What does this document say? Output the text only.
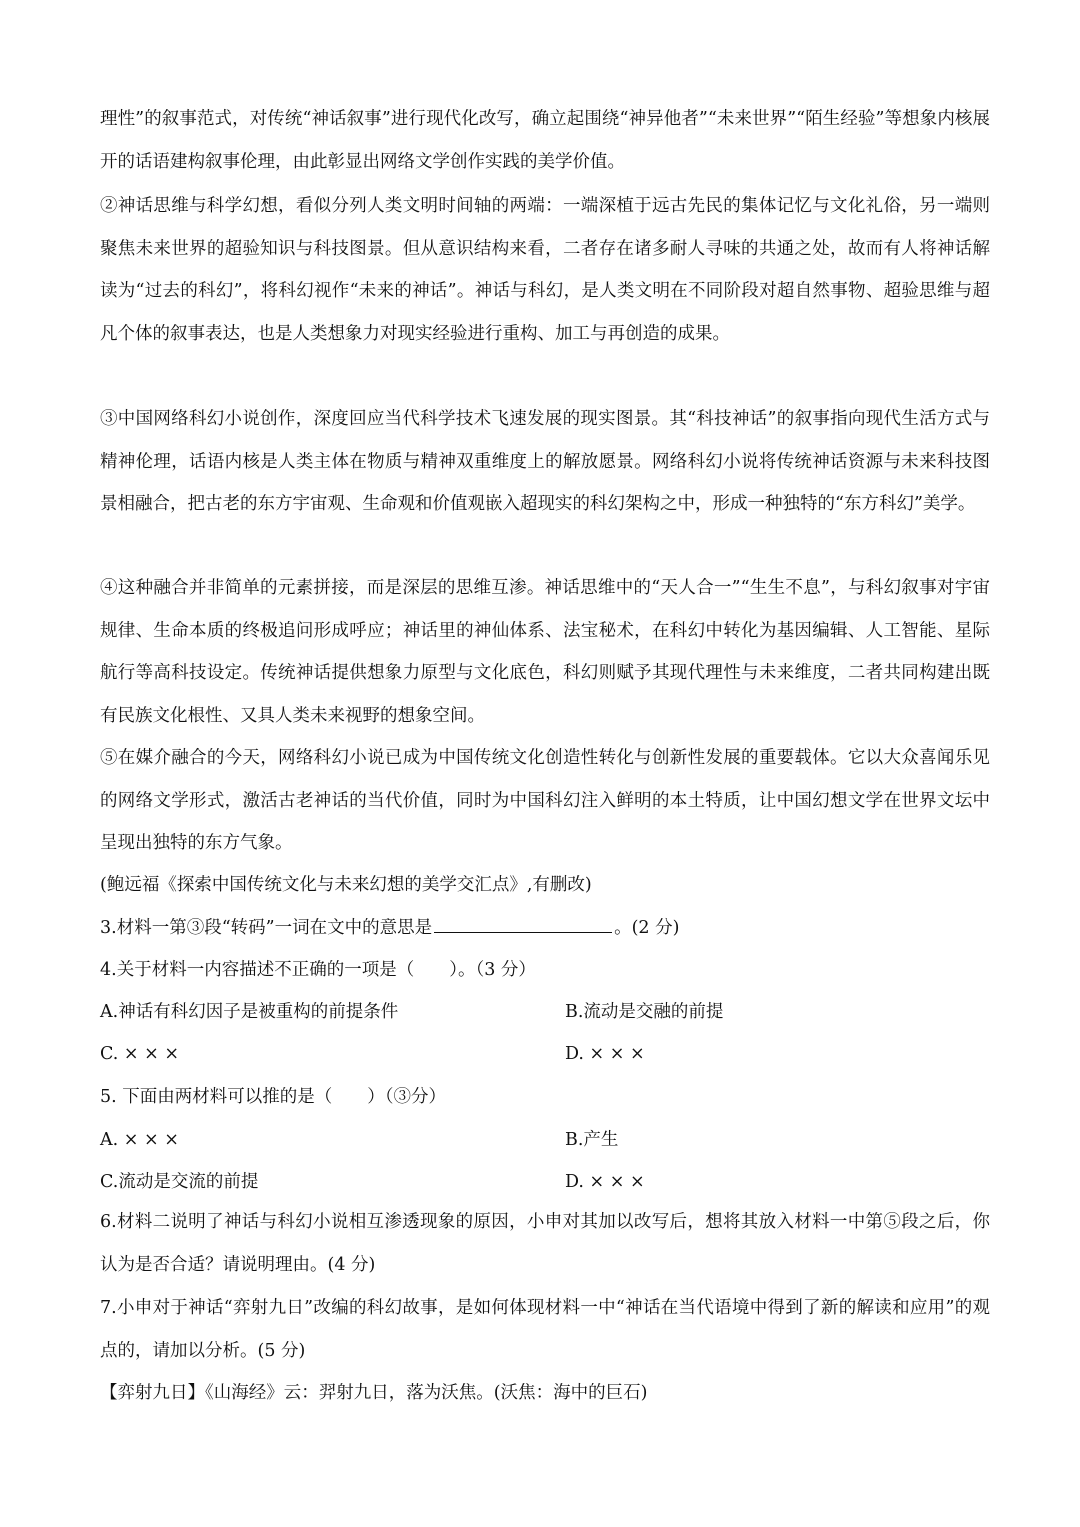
理性”的叙事范式，对传统“神话叙事”进行现代化改写，确立起围绕“神异他者”“未来世界”“陌生经验”等想象内核展开的话语建构叙事伦理，由此彰显出网络文学创作实践的美学价值。
②神话思维与科学幻想，看似分列人类文明时间轴的两端：一端深植于远古先民的集体记忆与文化礼俗，另一端则聚焦未来世界的超验知识与科技图景。但从意识结构来看，二者存在诸多耐人寻味的共通之处，故而有人将神话解读为“过去的科幻”，将科幻视作“未来的神话”。神话与科幻，是人类文明在不同阶段对超自然事物、超验思维与超凡个体的叙事表达，也是人类想象力对现实经验进行重构、加工与再创造的成果。
③中国网络科幻小说创作，深度回应当代科学技术飞速发展的现实图景。其“科技神话”的叙事指向现代生活方式与精神伦理，话语内核是人类主体在物质与精神双重维度上的解放愿景。网络科幻小说将传统神话资源与未来科技图景相融合，把古老的东方宇宙观、生命观和价值观嵌入超现实的科幻架构之中，形成一种独特的“东方科幻”美学。
④这种融合并非简单的元素拼接，而是深层的思维互渗。神话思维中的“天人合一”“生生不息”，与科幻叙事对宇宙规律、生命本质的终极追问形成呼应；神话里的神仙体系、法宝秘术，在科幻中转化为基因编辑、人工智能、星际航行等高科技设定。传统神话提供想象力原型与文化底色，科幻则赋予其现代理性与未来维度，二者共同构建出既有民族文化根性、又具人类未来视野的想象空间。
⑤在媒介融合的今天，网络科幻小说已成为中国传统文化创造性转化与创新性发展的重要载体。它以大众喜闻乐见的网络文学形式，激活古老神话的当代价值，同时为中国科幻注入鲜明的本土特质，让中国幻想文学在世界文坛中呈现出独特的东方气象。
(鲍远福《探索中国传统文化与未来幻想的美学交汇点》,有删改)
3.材料一第③段“转码”一词在文中的意思是	。(2 分)
4.关于材料一内容描述不正确的一项是（　　）。（3 分）
A.神话有科幻因子是被重构的前提条件	B.流动是交融的前提
C. × × ×	D. × × ×
5. 下面由两材料可以推的是（　　）（③分）
A. × × ×	B.产生
C.流动是交流的前提	D. × × ×
6.材料二说明了神话与科幻小说相互渗透现象的原因，小申对其加以改写后，想将其放入材料一中第⑤段之后，你认为是否合适？请说明理由。(4 分)
7.小申对于神话“弈射九日”改编的科幻故事，是如何体现材料一中“神话在当代语境中得到了新的解读和应用”的观点的，请加以分析。(5 分)
【弈射九日】《山海经》云：羿射九日，落为沃焦。(沃焦：海中的巨石)
